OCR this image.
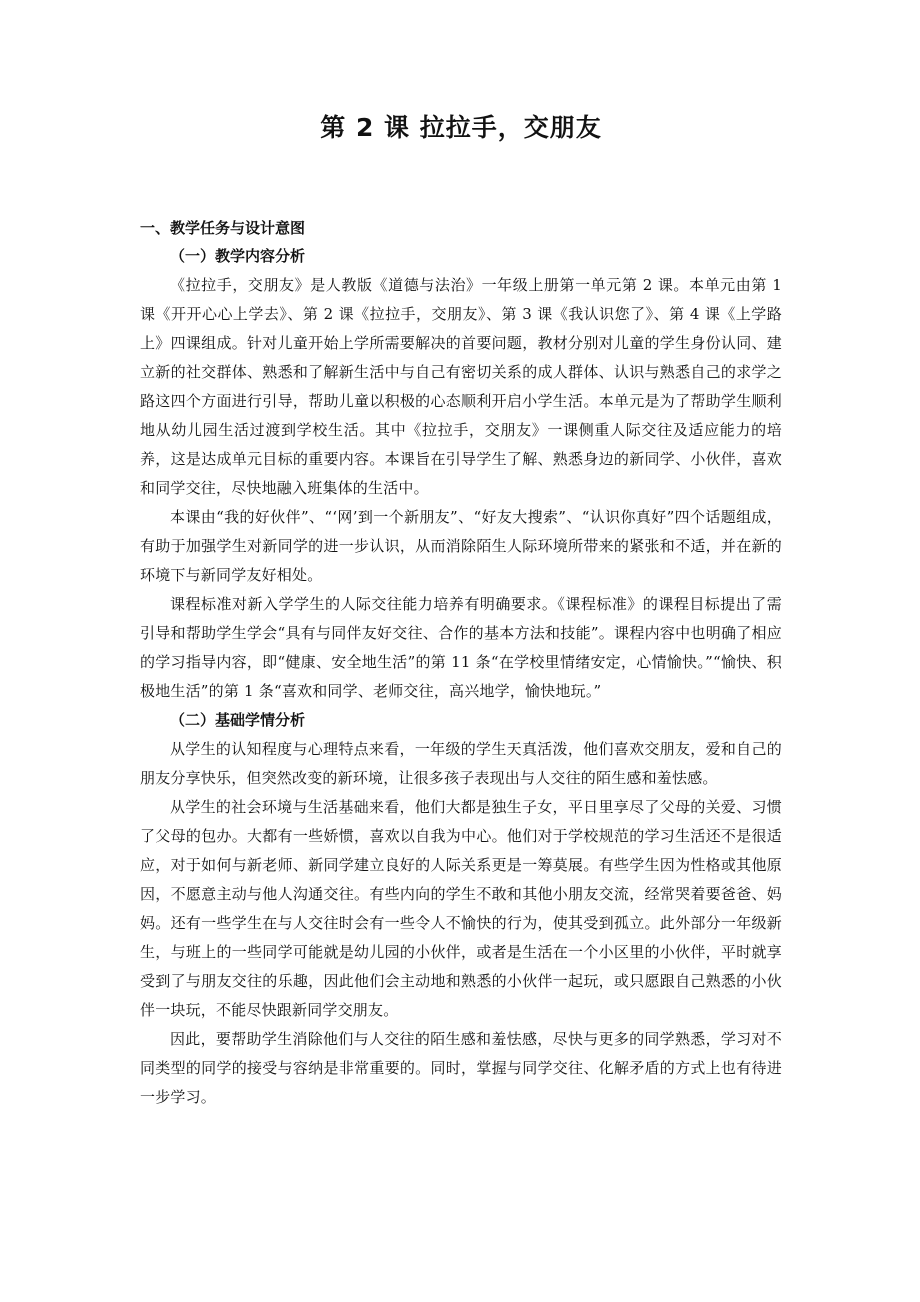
第 2 课 拉拉手，交朋友
一、教学任务与设计意图
（一）教学内容分析

《拉拉手，交朋友》是人教版《道德与法治》一年级上册第一单元第 2 课。本单元由第 1 课《开开心心上学去》、第 2 课《拉拉手，交朋友》、第 3 课《我认识您了》、第 4 课《上学路上》四课组成。针对儿童开始上学所需要解决的首要问题，教材分别对儿童的学生身份认同、建立新的社交群体、熟悉和了解新生活中与自己有密切关系的成人群体、认识与熟悉自己的求学之路这四个方面进行引导，帮助儿童以积极的心态顺利开启小学生活。本单元是为了帮助学生顺利地从幼儿园生活过渡到学校生活。其中《拉拉手，交朋友》一课侧重人际交往及适应能力的培养，这是达成单元目标的重要内容。本课旨在引导学生了解、熟悉身边的新同学、小伙伴，喜欢和同学交往，尽快地融入班集体的生活中。

本课由“我的好伙伴”、“‘网’到一个新朋友”、“好友大搜索”、“认识你真好”四个话题组成，有助于加强学生对新同学的进一步认识，从而消除陌生人际环境所带来的紧张和不适，并在新的环境下与新同学友好相处。

课程标准对新入学学生的人际交往能力培养有明确要求。《课程标准》的课程目标提出了需引导和帮助学生学会“具有与同伴友好交往、合作的基本方法和技能”。课程内容中也明确了相应的学习指导内容，即“健康、安全地生活”的第 11 条“在学校里情绪安定，心情愉快。”“愉快、积极地生活”的第 1 条“喜欢和同学、老师交往，高兴地学，愉快地玩。”

（二）基础学情分析

从学生的认知程度与心理特点来看，一年级的学生天真活泼，他们喜欢交朋友，爱和自己的朋友分享快乐，但突然改变的新环境，让很多孩子表现出与人交往的陌生感和羞怯感。

从学生的社会环境与生活基础来看，他们大都是独生子女，平日里享尽了父母的关爱、习惯了父母的包办。大都有一些娇惯，喜欢以自我为中心。他们对于学校规范的学习生活还不是很适应，对于如何与新老师、新同学建立良好的人际关系更是一筹莫展。有些学生因为性格或其他原因，不愿意主动与他人沟通交往。有些内向的学生不敢和其他小朋友交流，经常哭着要爸爸、妈妈。还有一些学生在与人交往时会有一些令人不愉快的行为，使其受到孤立。此外部分一年级新生，与班上的一些同学可能就是幼儿园的小伙伴，或者是生活在一个小区里的小伙伴，平时就享受到了与朋友交往的乐趣，因此他们会主动地和熟悉的小伙伴一起玩，或只愿跟自己熟悉的小伙伴一块玩，不能尽快跟新同学交朋友。

因此，要帮助学生消除他们与人交往的陌生感和羞怯感，尽快与更多的同学熟悉，学习对不同类型的同学的接受与容纳是非常重要的。同时，掌握与同学交往、化解矛盾的方式上也有待进一步学习。
